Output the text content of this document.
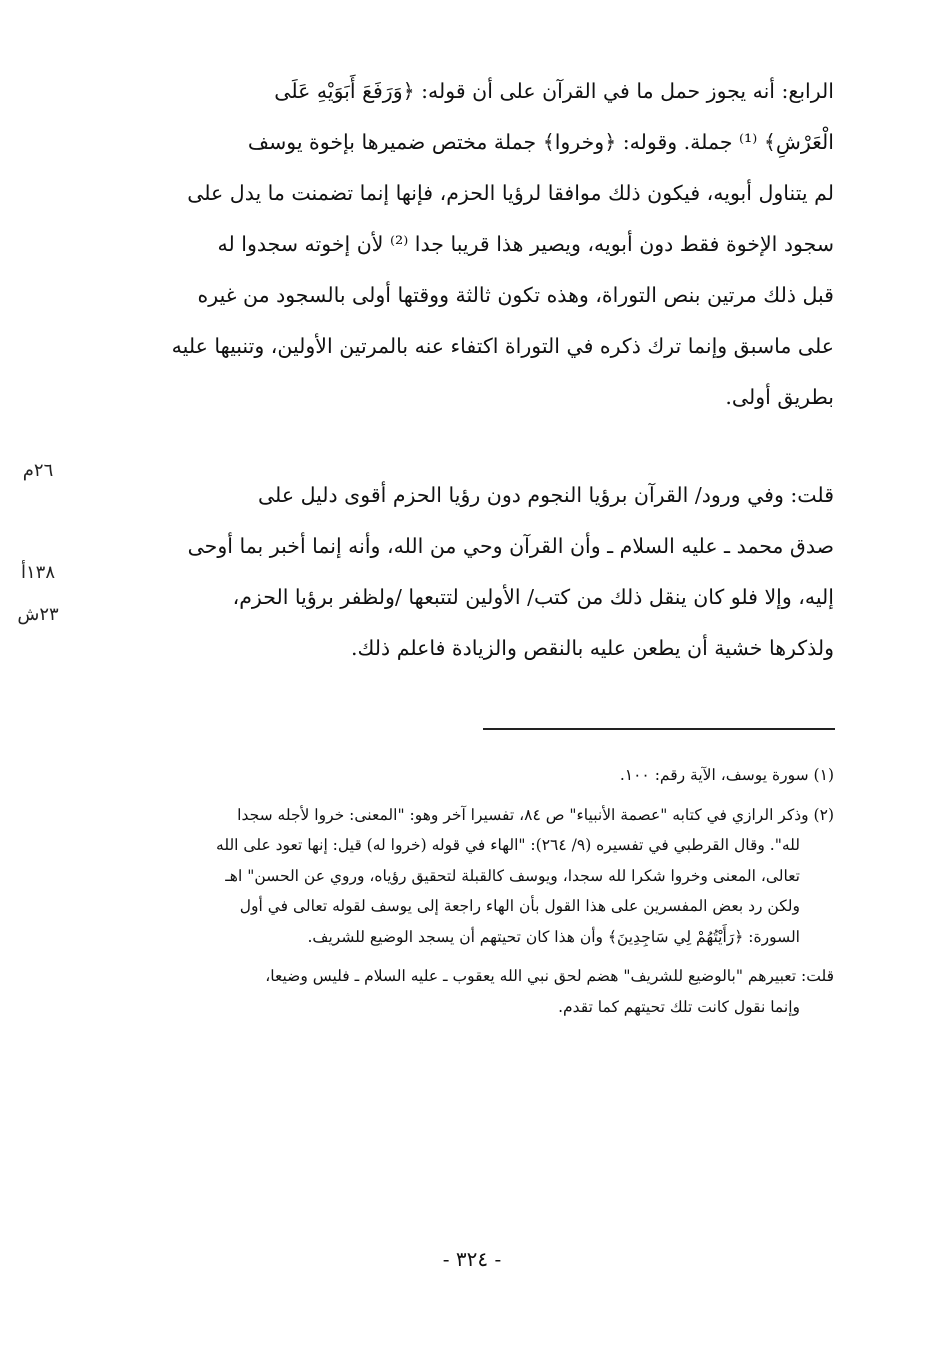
٢٦م
١٣٨أ
٢٣ش
الرابع: أنه يجوز حمل ما في القرآن على أن قوله: ﴿وَرَفَعَ أَبَوَيْهِ عَلَى
الْعَرْشِ﴾ ⁽¹⁾ جملة. وقوله: ﴿وخروا﴾ جملة مختص ضميرها بإخوة يوسف
لم يتناول أبويه، فيكون ذلك موافقا لرؤيا الحزم، فإنها إنما تضمنت ما يدل على
سجود الإخوة فقط دون أبويه، ويصير هذا قريبا جدا ⁽²⁾ لأن إخوته سجدوا له
قبل ذلك مرتين بنص التوراة، وهذه تكون ثالثة ووقتها أولى بالسجود من غيره
على ماسبق وإنما ترك ذكره في التوراة اكتفاء عنه بالمرتين الأولين، وتنبيها عليه
بطريق أولى.
قلت: وفي ورود/ القرآن برؤيا النجوم دون رؤيا الحزم أقوى دليل على
صدق محمد ـ عليه السلام ـ وأن القرآن وحي من الله، وأنه إنما أخبر بما أوحى
إليه، وإلا فلو كان ينقل ذلك من كتب/ الأولين لتتبعها /ولظفر برؤيا الحزم،
ولذكرها خشية أن يطعن عليه بالنقص والزيادة فاعلم ذلك.
(١) سورة يوسف، الآية رقم: ١٠٠.
(٢) وذكر الرازي في كتابه "عصمة الأنبياء" ص ٨٤، تفسيرا آخر وهو: "المعنى: خروا لأجله سجدا
لله". وقال القرطبي في تفسيره (٩/ ٢٦٤): "الهاء في قوله (خروا له) قيل: إنها تعود على الله
تعالى، المعنى وخروا شكرا لله سجدا، ويوسف كالقبلة لتحقيق رؤياه، وروي عن الحسن" اهـ
ولكن رد بعض المفسرين على هذا القول بأن الهاء راجعة إلى يوسف لقوله تعالى في أول
السورة: ﴿رَأَيْتُهُمْ لِي سَاجِدِينَ﴾ وأن هذا كان تحيتهم أن يسجد الوضيع للشريف.
قلت: تعبيرهم "بالوضيع للشريف" هضم لحق نبي الله يعقوب ـ عليه السلام ـ فليس وضيعا،
وإنما نقول كانت تلك تحيتهم كما تقدم.
- ٣٢٤ -
